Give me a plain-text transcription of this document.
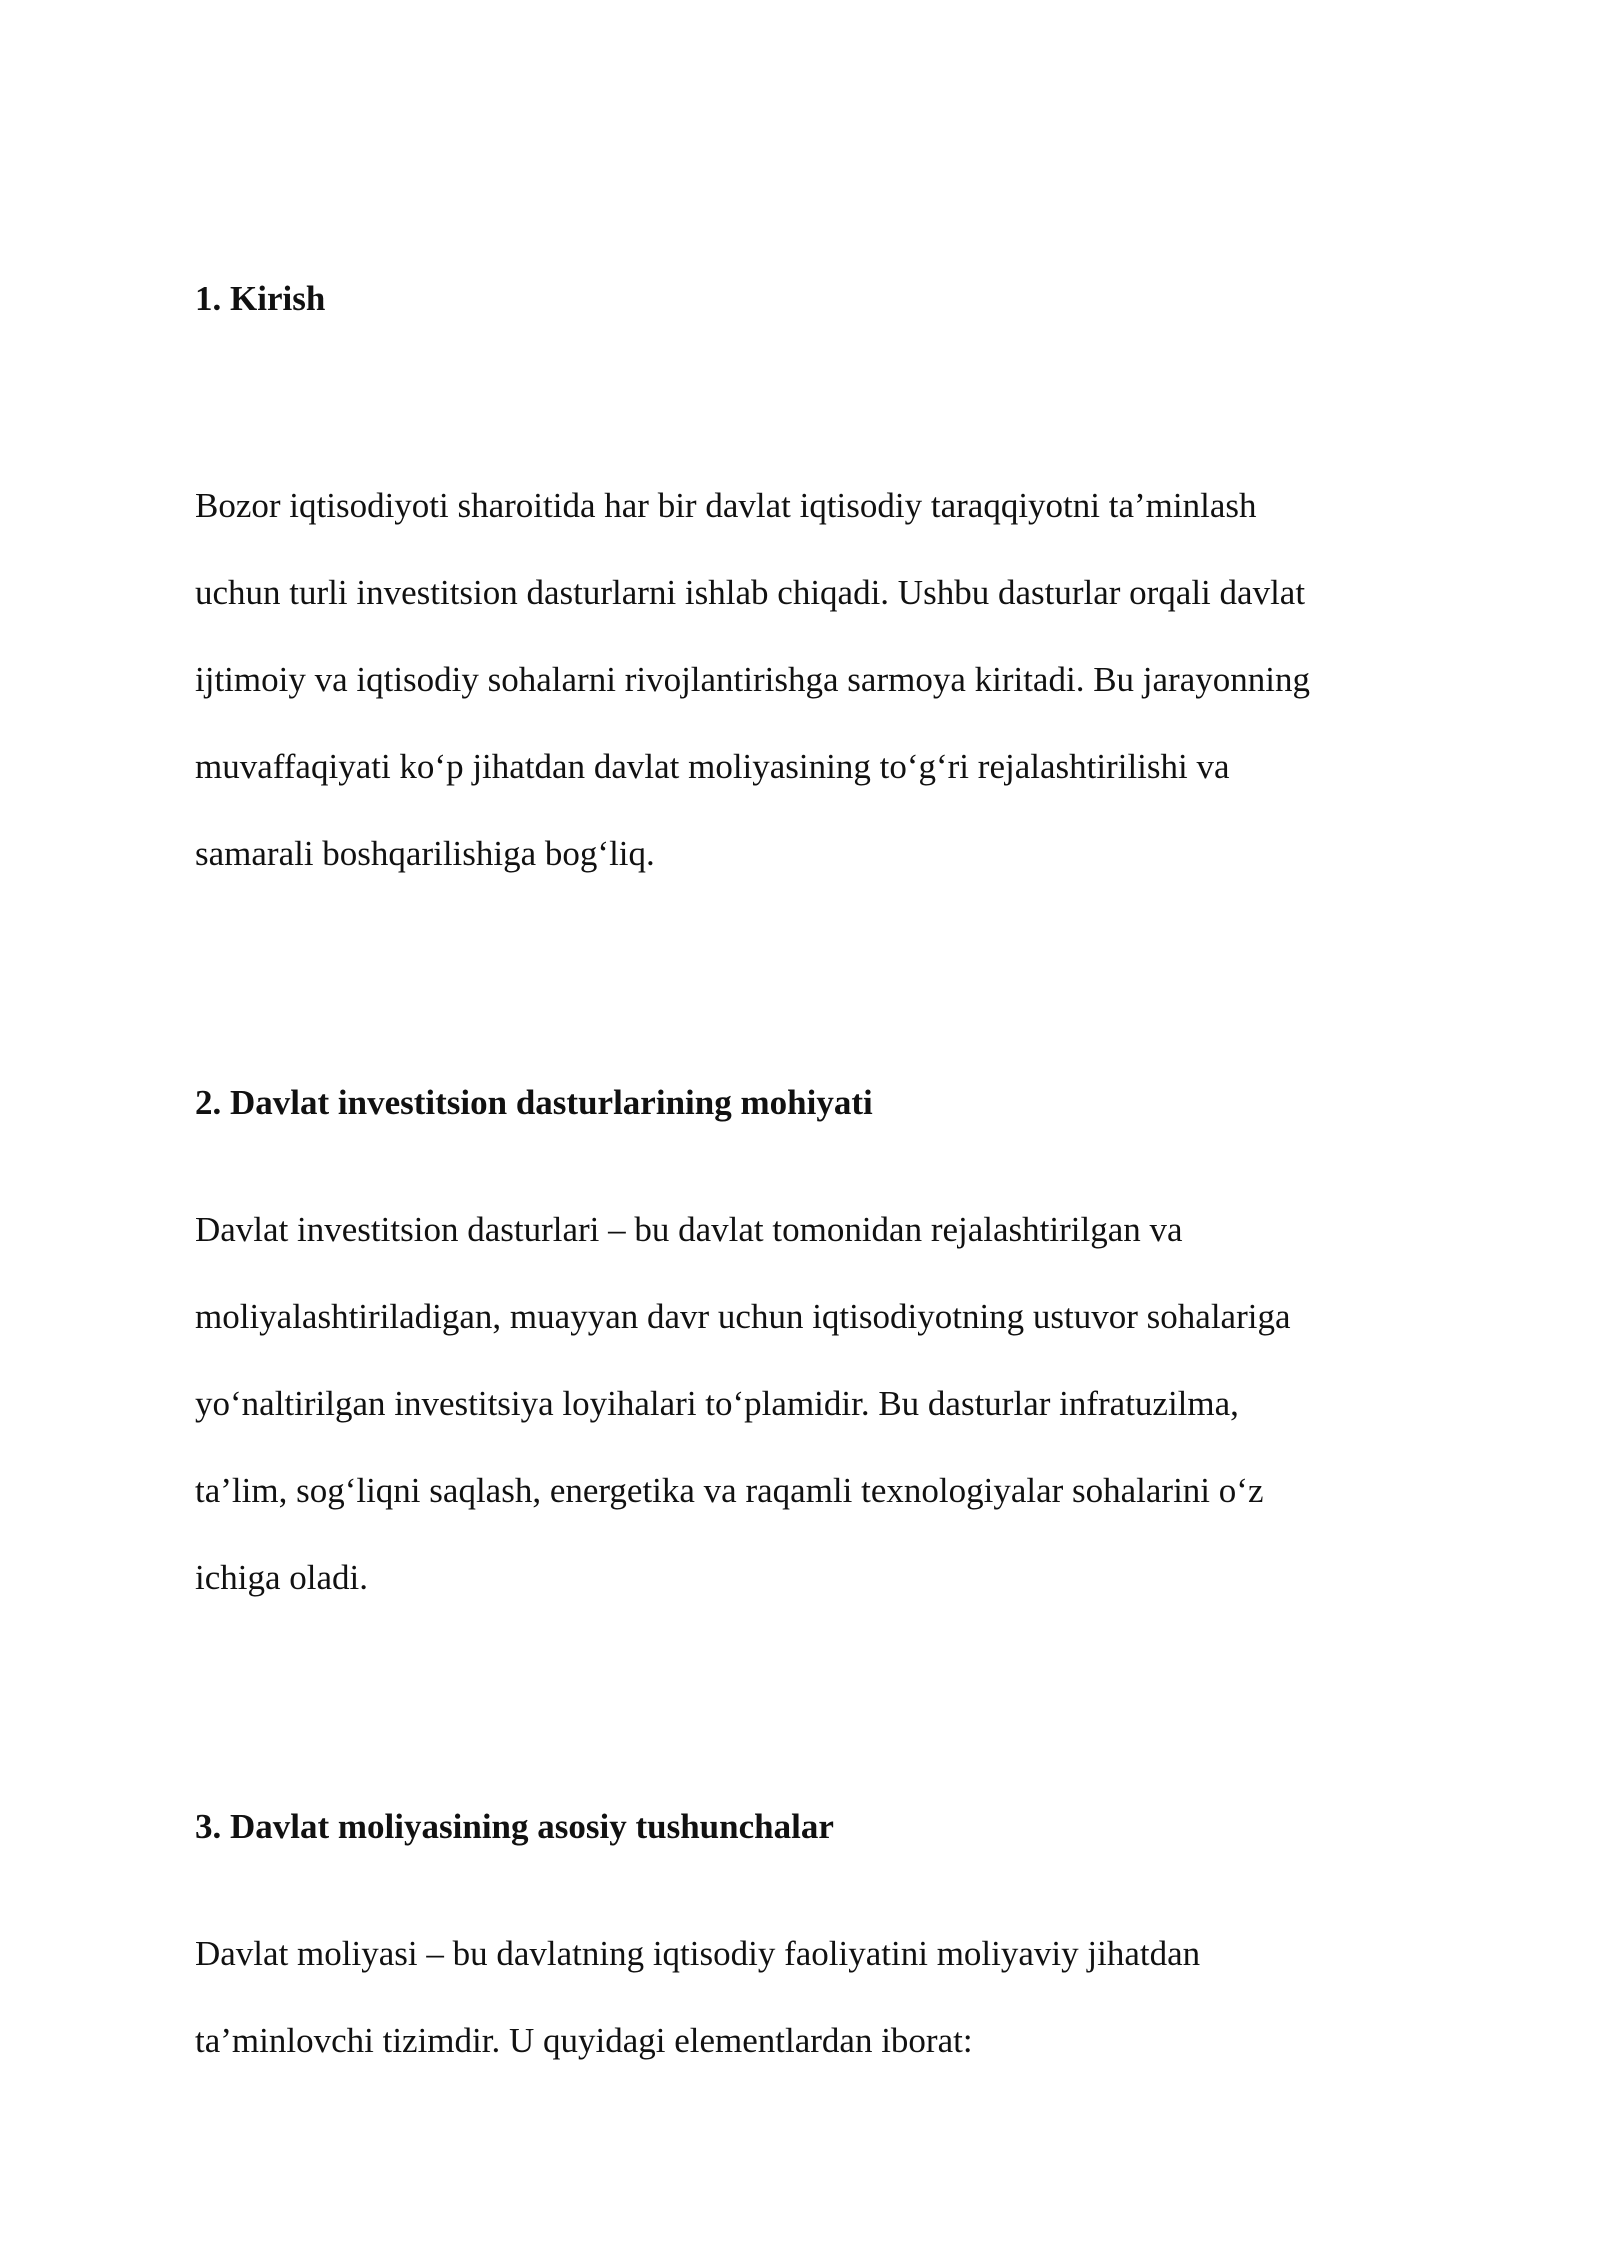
1. Kirish

Bozor iqtisodiyoti sharoitida har bir davlat iqtisodiy taraqqiyotni ta’minlash
uchun turli investitsion dasturlarni ishlab chiqadi. Ushbu dasturlar orqali davlat
ijtimoiy va iqtisodiy sohalarni rivojlantirishga sarmoya kiritadi. Bu jarayonning
muvaffaqiyati ko‘p jihatdan davlat moliyasining to‘g‘ri rejalashtirilishi va
samarali boshqarilishiga bog‘liq.

2. Davlat investitsion dasturlarining mohiyati

Davlat investitsion dasturlari – bu davlat tomonidan rejalashtirilgan va
moliyalashtiriladigan, muayyan davr uchun iqtisodiyotning ustuvor sohalariga
yo‘naltirilgan investitsiya loyihalari to‘plamidir. Bu dasturlar infratuzilma,
ta’lim, sog‘liqni saqlash, energetika va raqamli texnologiyalar sohalarini o‘z
ichiga oladi.

3. Davlat moliyasining asosiy tushunchalar

Davlat moliyasi – bu davlatning iqtisodiy faoliyatini moliyaviy jihatdan
ta’minlovchi tizimdir. U quyidagi elementlardan iborat:
